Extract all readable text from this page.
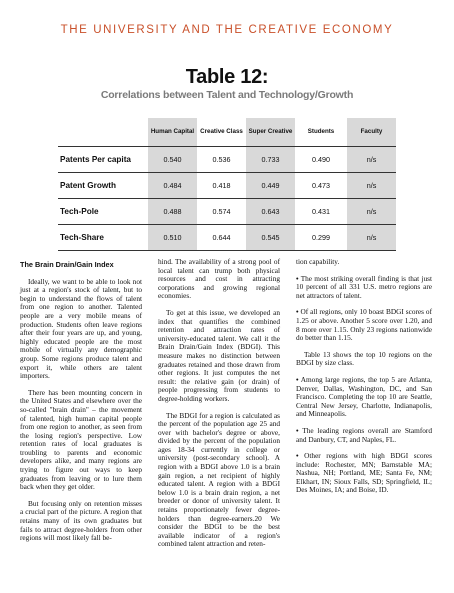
THE UNIVERSITY AND THE CREATIVE ECONOMY
Table 12:
Correlations between Talent and Technology/Growth
	Human Capital	Creative Class	Super Creative	Students	Faculty
Patents Per capita	0.540	0.536	0.733	0.490	n/s
Patent Growth	0.484	0.418	0.449	0.473	n/s
Tech-Pole	0.488	0.574	0.643	0.431	n/s
Tech-Share	0.510	0.644	0.545	0.299	n/s
The Brain Drain/Gain Index

Ideally, we want to be able to look not just at a region's stock of talent, but to begin to understand the flows of talent from one region to another. Talented people are a very mobile means of production. Students often leave regions after their four years are up, and young, highly educated people are the most mobile of virtually any demographic group. Some regions produce talent and export it, while others are talent importers.

There has been mounting concern in the United States and elsewhere over the so-called "brain drain" – the movement of talented, high human capital people from one region to another, as seen from the losing region's perspective. Low retention rates of local graduates is troubling to parents and economic developers alike, and many regions are trying to figure out ways to keep graduates from leaving or to lure them back when they get older.

But focusing only on retention misses a crucial part of the picture. A region that retains many of its own graduates but fails to attract degree-holders from other regions will most likely fall be-

hind. The availability of a strong pool of local talent can trump both physical resources and cost in attracting corporations and growing regional economies.

To get at this issue, we developed an index that quantifies the combined retention and attraction rates of university-educated talent. We call it the Brain Drain/Gain Index (BDGI). This measure makes no distinction between graduates retained and those drawn from other regions. It just computes the net result: the relative gain (or drain) of people progressing from students to degree-holding workers.

The BDGI for a region is calculated as the percent of the population age 25 and over with bachelor's degree or above, divided by the percent of the population ages 18-34 currently in college or university (post-secondary school). A region with a BDGI above 1.0 is a brain gain region, a net recipient of highly educated talent. A region with a BDGI below 1.0 is a brain drain region, a net breeder or donor of university talent. It retains proportionately fewer degree-holders than degree-earners.20 We consider the BDGI to be the best available indicator of a region's combined talent attraction and reten-

tion capability.

• The most striking overall finding is that just 10 percent of all 331 U.S. metro regions are net attractors of talent.

• Of all regions, only 10 boast BDGI scores of 1.25 or above. Another 5 score over 1.20, and 8 more over 1.15. Only 23 regions nationwide do better than 1.15.

Table 13 shows the top 10 regions on the BDGI by size class.

• Among large regions, the top 5 are Atlanta, Denver, Dallas, Washington, DC, and San Francisco. Completing the top 10 are Seattle, Central New Jersey, Charlotte, Indianapolis, and Minneapolis.

• The leading regions overall are Stamford and Danbury, CT, and Naples, FL.

• Other regions with high BDGI scores include: Rochester, MN; Barnstable MA; Nashua, NH; Portland, ME; Santa Fe, NM; Elkhart, IN; Sioux Falls, SD; Springfield, IL; Des Moines, IA; and Boise, ID.
